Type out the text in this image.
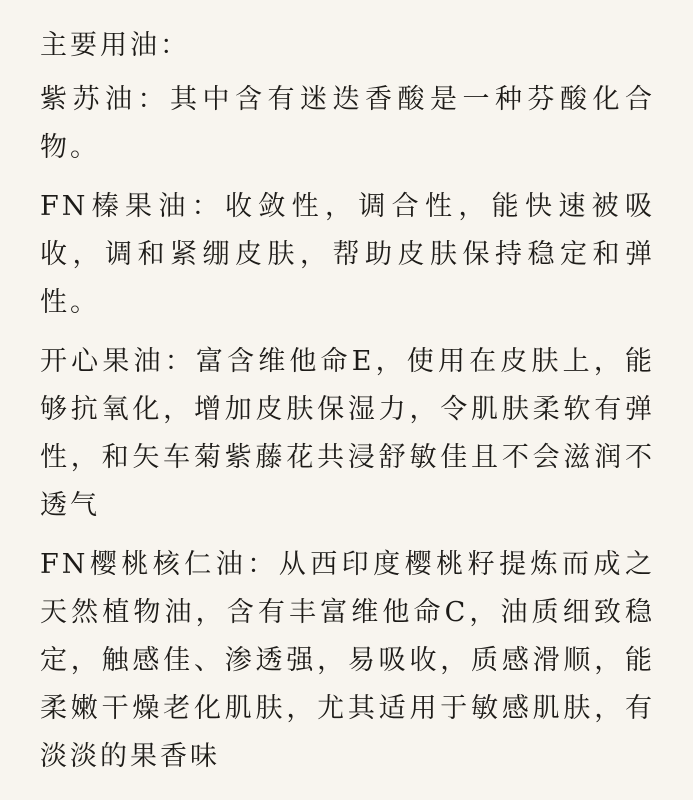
主要用油：

紫苏油：其中含有迷迭香酸是一种芬酸化合物。

FN榛果油：收敛性，调合性，能快速被吸收，调和紧绷皮肤，帮助皮肤保持稳定和弹性。

开心果油：富含维他命E，使用在皮肤上，能够抗氧化，增加皮肤保湿力，令肌肤柔软有弹性，和矢车菊紫藤花共浸舒敏佳且不会滋润不透气

FN樱桃核仁油：从西印度樱桃籽提炼而成之天然植物油，含有丰富维他命C，油质细致稳定，触感佳、渗透强，易吸收，质感滑顺，能柔嫩干燥老化肌肤，尤其适用于敏感肌肤，有淡淡的果香味
